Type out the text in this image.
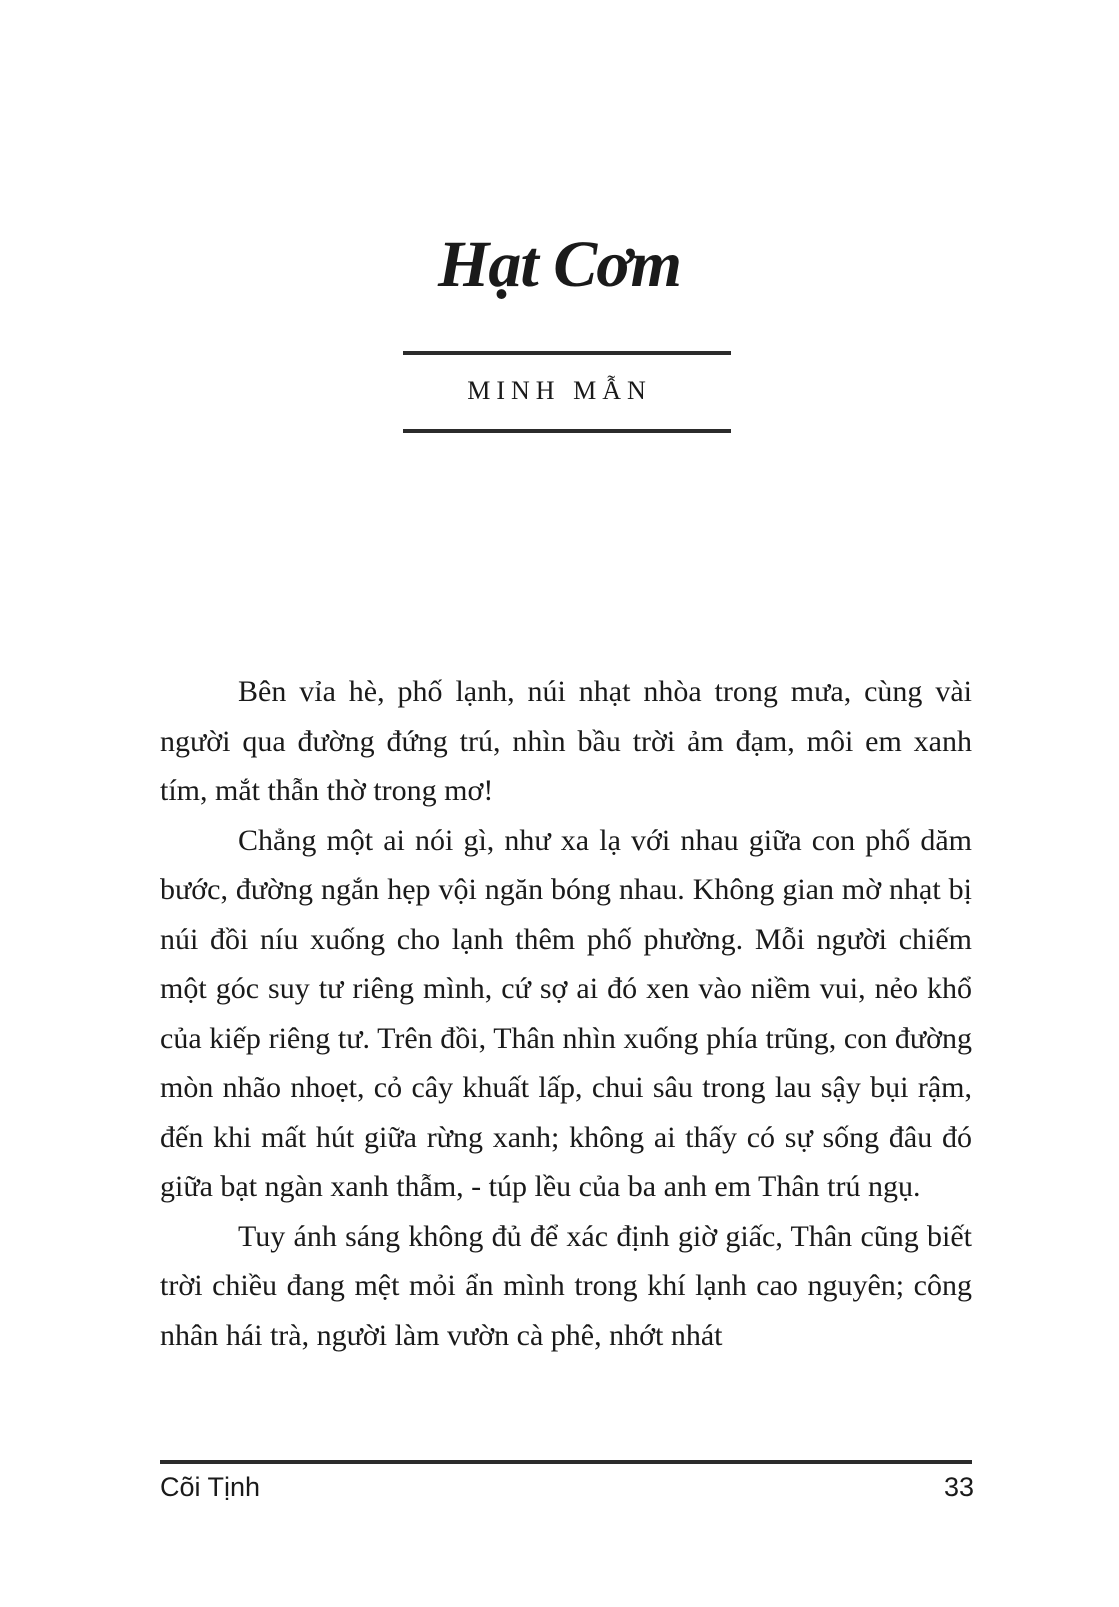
Hạt Cơm
MINH MẪN

Bên vỉa hè, phố lạnh, núi nhạt nhòa trong mưa, cùng vài người qua đường đứng trú, nhìn bầu trời ảm đạm, môi em xanh tím, mắt thẫn thờ trong mơ!

Chẳng một ai nói gì, như xa lạ với nhau giữa con phố dăm bước, đường ngắn hẹp vội ngăn bóng nhau. Không gian mờ nhạt bị núi đồi níu xuống cho lạnh thêm phố phường. Mỗi người chiếm một góc suy tư riêng mình, cứ sợ ai đó xen vào niềm vui, nẻo khổ của kiếp riêng tư. Trên đồi, Thân nhìn xuống phía trũng, con đường mòn nhão nhoẹt, cỏ cây khuất lấp, chui sâu trong lau sậy bụi rậm, đến khi mất hút giữa rừng xanh; không ai thấy có sự sống đâu đó giữa bạt ngàn xanh thẫm, - túp lều của ba anh em Thân trú ngụ.

Tuy ánh sáng không đủ để xác định giờ giấc, Thân cũng biết trời chiều đang mệt mỏi ẩn mình trong khí lạnh cao nguyên; công nhân hái trà, người làm vườn cà phê, nhớt nhát

Cõi Tịnh	33
